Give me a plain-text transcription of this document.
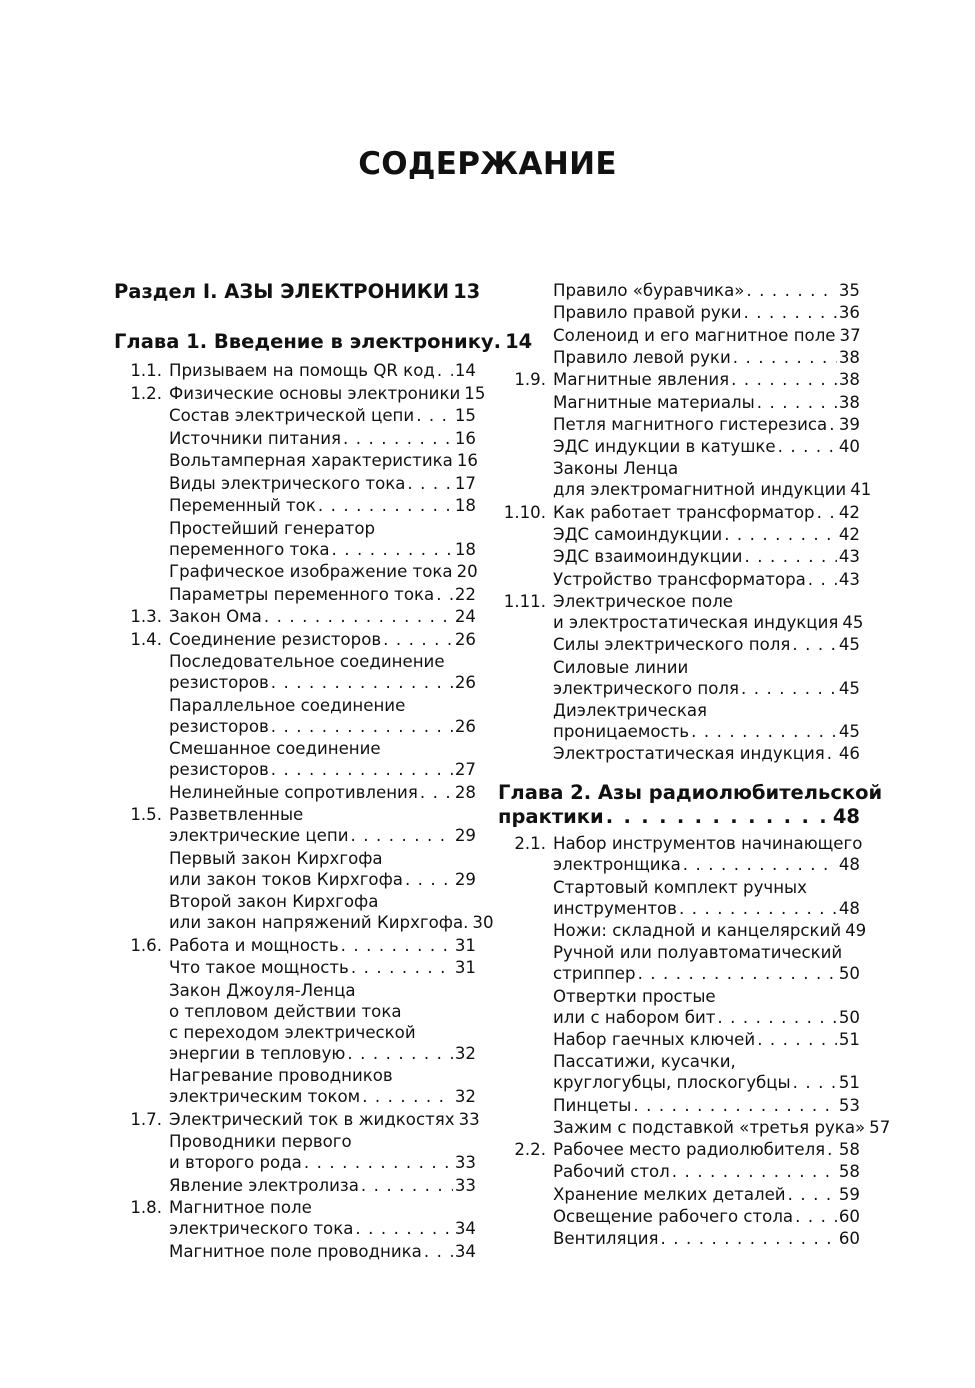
СОДЕРЖАНИЕ
Раздел I. АЗЫ ЭЛЕКТРОНИКИ 13
Глава 1. Введение в электронику. 14
1.1. Призываем на помощь QR код . . . 14
1.2. Физические основы электроники 15
Состав электрической цепи . . . 15
Источники питания . . .	16
Вольтамперная характеристика 16
Виды электрического тока . . .	17
Переменный ток . . .	18
Простейший генератор
переменного тока . . .	18
Графическое изображение тока 20
Параметры переменного тока . . . 22
1.3. Закон Ома . . .	24
1.4. Соединение резисторов . . .	26
Последовательное соединение
резисторов . . .	26
Параллельное соединение
резисторов . . .	26
Смешанное соединение
резисторов . . .	27
Нелинейные сопротивления . . . 28
1.5. Разветвленные
электрические цепи . . .	29
Первый закон Кирхгофа
или закон токов Кирхгофа . . .	29
Второй закон Кирхгофа
или закон напряжений Кирхгофа. 30
1.6. Работа и мощность . . .	31
Что такое мощность . . .	31
Закон Джоуля-Ленца
о тепловом действии тока
с переходом электрической
энергии в тепловую . . .	32
Нагревание проводников
электрическим током . . .	32
1.7. Электрический ток в жидкостях 33
Проводники первого
и второго рода . . .	33
Явление электролиза . . .	33
1.8. Магнитное поле
электрического тока . . .	34
Магнитное поле проводника . . . 34
Правило «буравчика» . . .	35
Правило правой руки . . .	36
Соленоид и его магнитное поле 37
Правило левой руки . . .	38
1.9. Магнитные явления . . .	38
Магнитные материалы . . .	38
Петля магнитного гистерезиса . . . 39
ЭДС индукции в катушке . . .	40
Законы Ленца
для электромагнитной индукции 41
1.10. Как работает трансформатор . . . 42
ЭДС самоиндукции . . .	42
ЭДС взаимоиндукции . . .	43
Устройство трансформатора . . . 43
1.11. Электрическое поле
и электростатическая индукция 45
Силы электрического поля . . .	45
Силовые линии
электрического поля . . .	45
Диэлектрическая
проницаемость . . .	45
Электростатическая индукция . . . 46
Глава 2. Азы радиолюбительской
практики . . .	48
2.1. Набор инструментов начинающего
электронщика . . .	48
Стартовый комплект ручных
инструментов . . .	48
Ножи: складной и канцелярский 49
Ручной или полуавтоматический
стриппер . . .	50
Отвертки простые
или с набором бит . . .	50
Набор гаечных ключей . . .	51
Пассатижи, кусачки,
круглогубцы, плоскогубцы . . .	51
Пинцеты . . .	53
Зажим с подставкой «третья рука» 57
2.2. Рабочее место радиолюбителя . . . 58
Рабочий стол . . .	58
Хранение мелких деталей . . .	59
Освещение рабочего стола . . .	60
Вентиляция . . .	60
